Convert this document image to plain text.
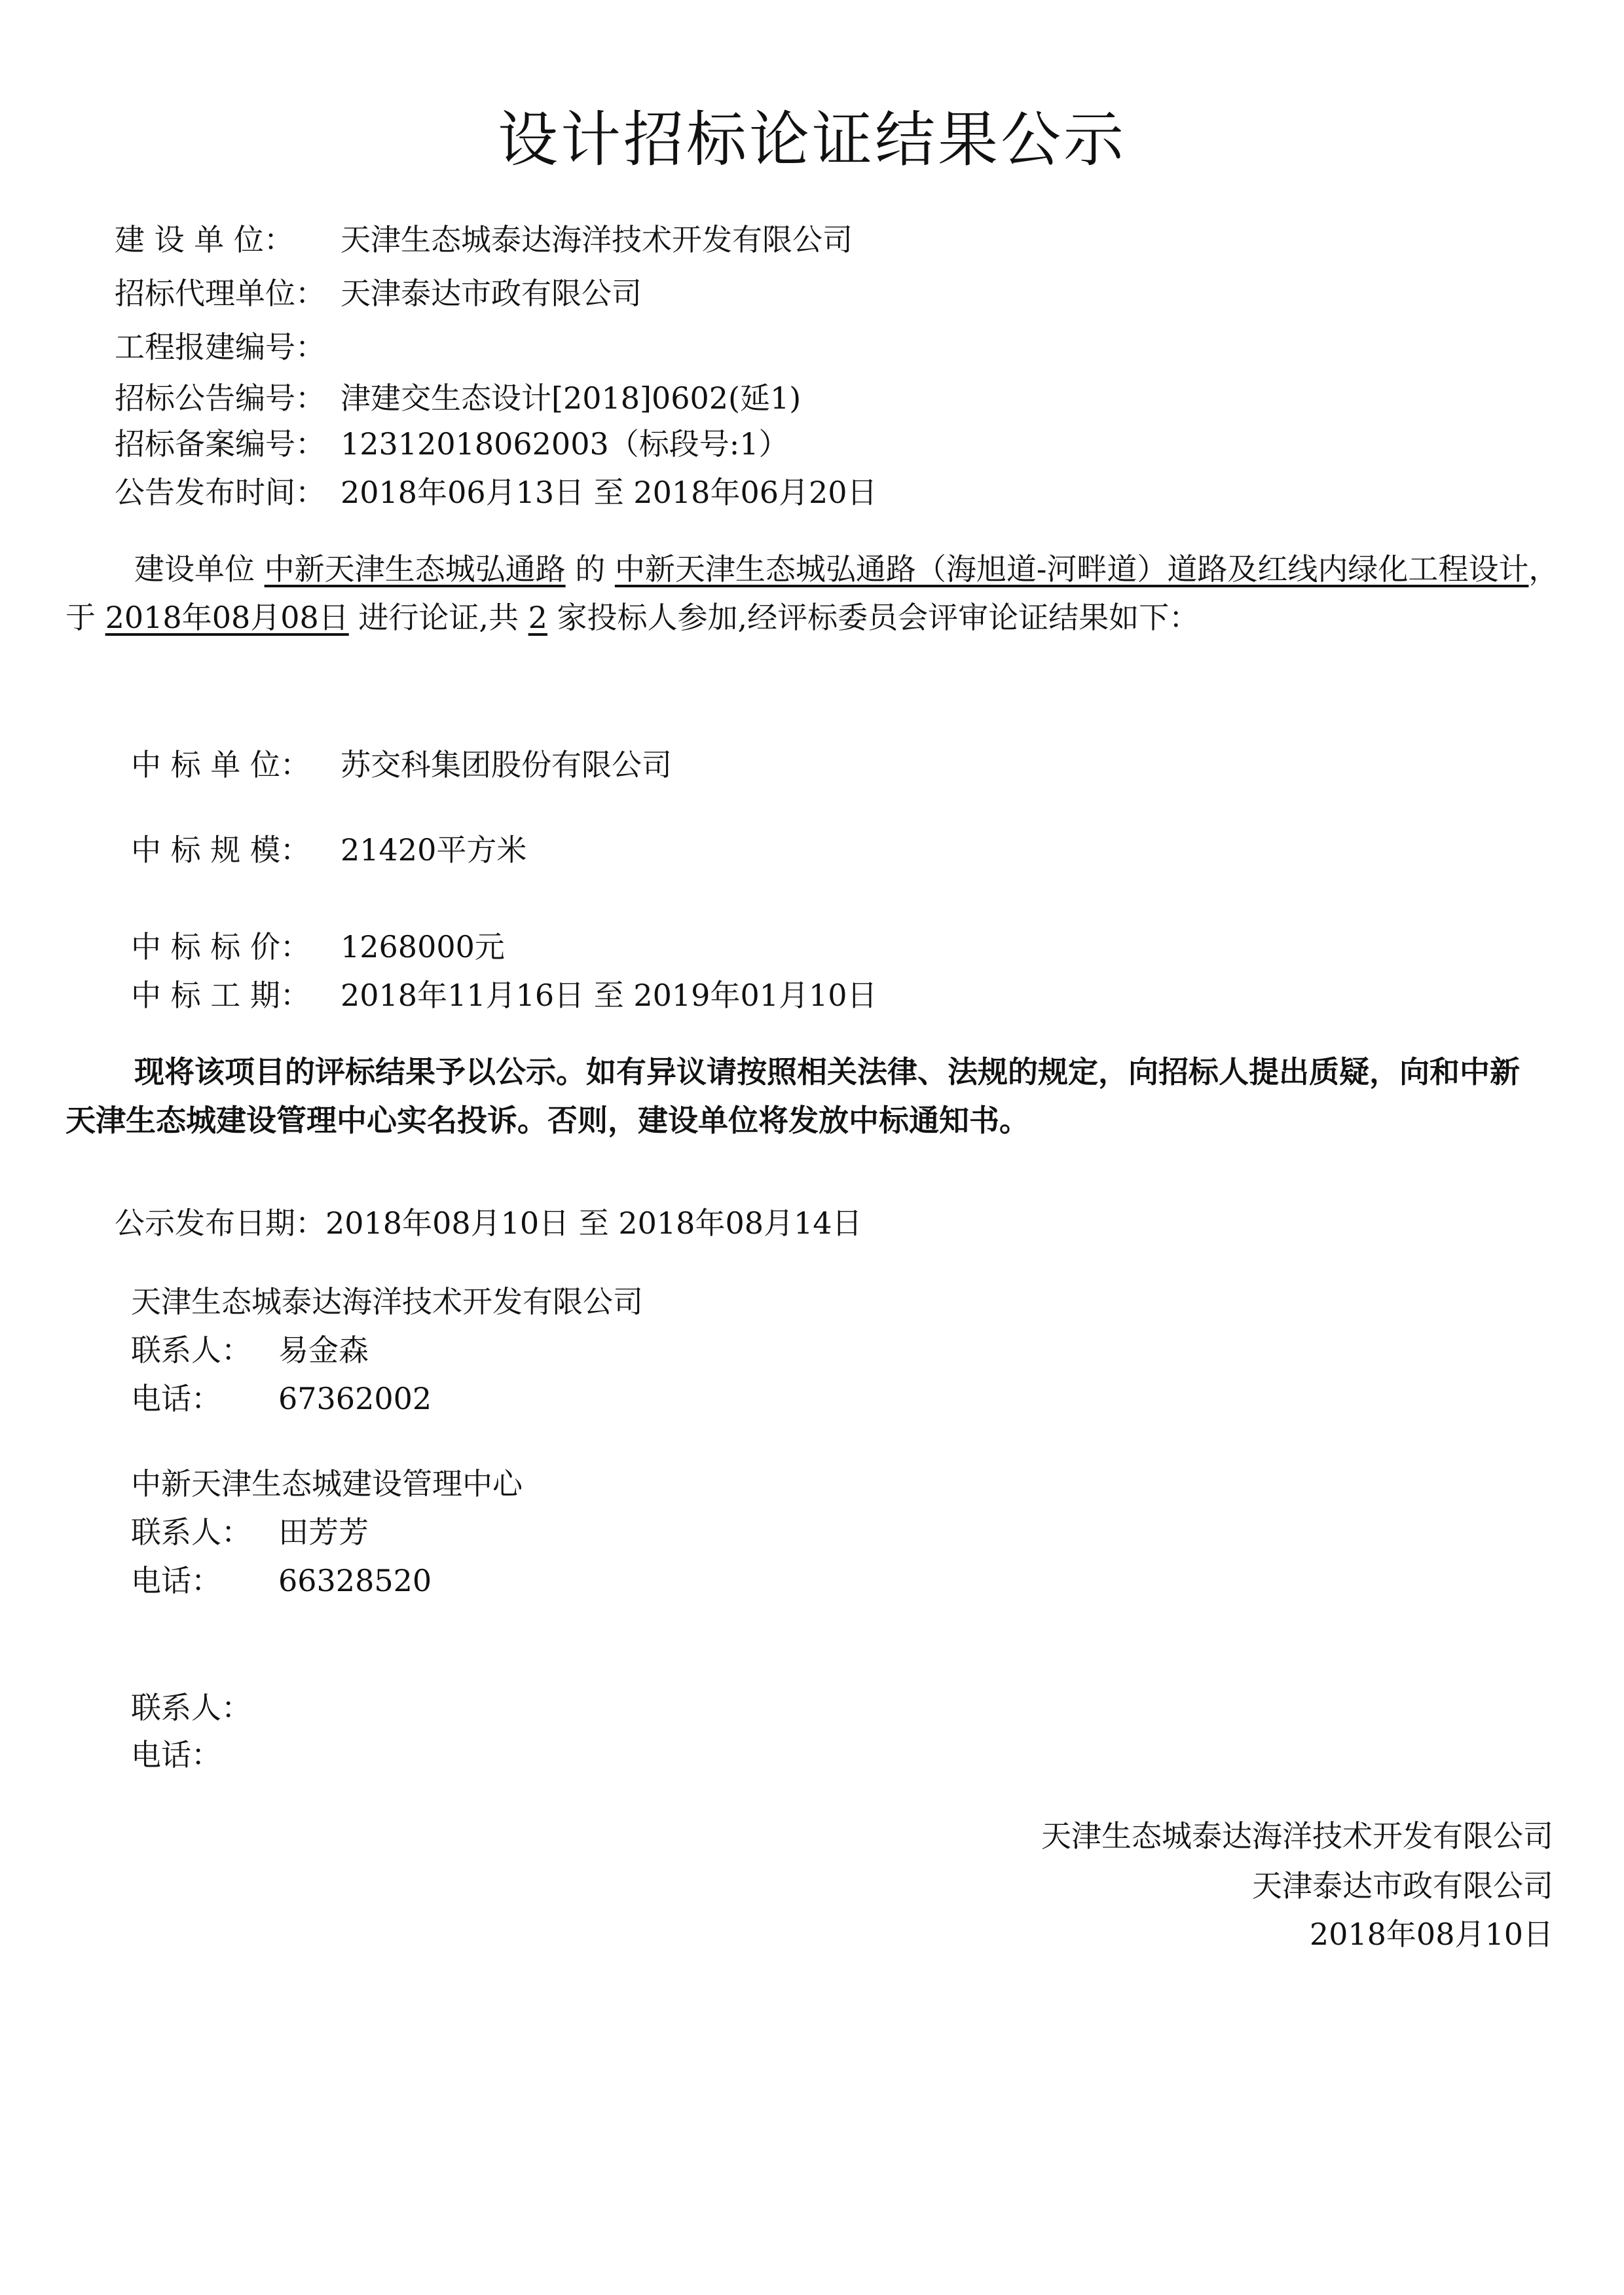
设计招标论证结果公示
建 设 单 位： 天津生态城泰达海洋技术开发有限公司
招标代理单位： 天津泰达市政有限公司
工程报建编号：
招标公告编号： 津建交生态设计[2018]0602(延1)
招标备案编号： 12312018062003（标段号:1）
公告发布时间： 2018年06月13日 至 2018年06月20日
建设单位 中新天津生态城弘通路 的 中新天津生态城弘通路（海旭道-河畔道）道路及红线内绿化工程设计，于 2018年08月08日 进行论证,共 2 家投标人参加,经评标委员会评审论证结果如下：
中 标 单 位： 苏交科集团股份有限公司
中 标 规 模： 21420平方米
中 标 标 价： 1268000元
中 标 工 期： 2018年11月16日 至 2019年01月10日
现将该项目的评标结果予以公示。如有异议请按照相关法律、法规的规定，向招标人提出质疑，向和中新天津生态城建设管理中心实名投诉。否则，建设单位将发放中标通知书。
公示发布日期：2018年08月10日 至 2018年08月14日
天津生态城泰达海洋技术开发有限公司
联系人： 易金森
电话： 67362002
中新天津生态城建设管理中心
联系人： 田芳芳
电话： 66328520
联系人：
电话：
天津生态城泰达海洋技术开发有限公司
天津泰达市政有限公司
2018年08月10日
